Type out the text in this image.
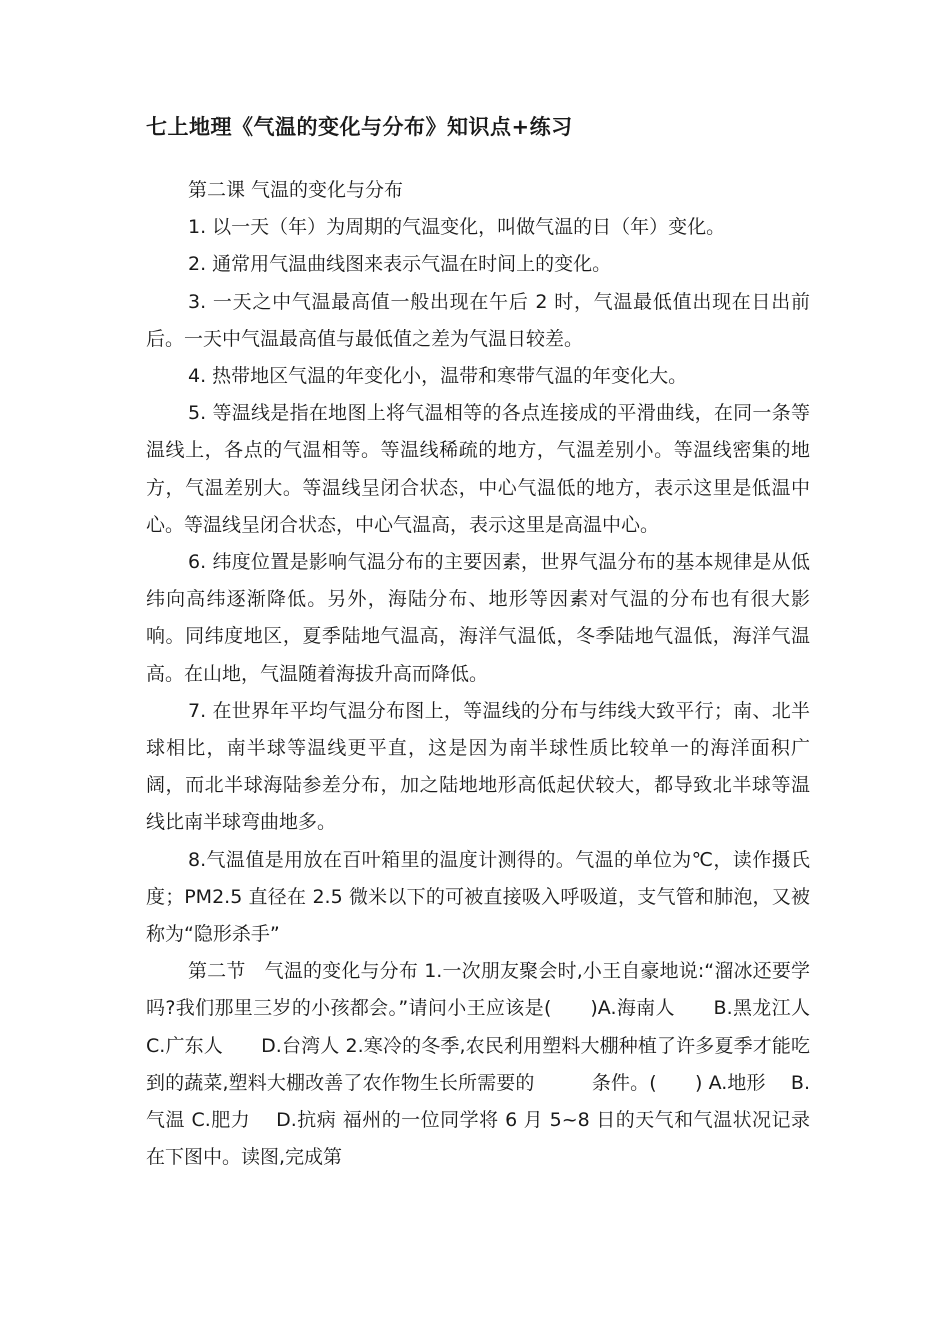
七上地理《气温的变化与分布》知识点+练习

第二课 气温的变化与分布

1. 以一天（年）为周期的气温变化，叫做气温的日（年）变化。

2. 通常用气温曲线图来表示气温在时间上的变化。

3. 一天之中气温最高值一般出现在午后 2 时，气温最低值出现在日出前后。一天中气温最高值与最低值之差为气温日较差。

4. 热带地区气温的年变化小，温带和寒带气温的年变化大。

5. 等温线是指在地图上将气温相等的各点连接成的平滑曲线，在同一条等温线上，各点的气温相等。等温线稀疏的地方，气温差别小。等温线密集的地方，气温差别大。等温线呈闭合状态，中心气温低的地方，表示这里是低温中心。等温线呈闭合状态，中心气温高，表示这里是高温中心。

6. 纬度位置是影响气温分布的主要因素，世界气温分布的基本规律是从低纬向高纬逐渐降低。另外，海陆分布、地形等因素对气温的分布也有很大影响。同纬度地区，夏季陆地气温高，海洋气温低，冬季陆地气温低，海洋气温高。在山地，气温随着海拔升高而降低。

7. 在世界年平均气温分布图上，等温线的分布与纬线大致平行；南、北半球相比，南半球等温线更平直，这是因为南半球性质比较单一的海洋面积广阔，而北半球海陆参差分布，加之陆地地形高低起伏较大，都导致北半球等温线比南半球弯曲地多。

8.气温值是用放在百叶箱里的温度计测得的。气温的单位为℃，读作摄氏度；PM2.5 直径在 2.5 微米以下的可被直接吸入呼吸道，支气管和肺泡，又被称为“隐形杀手”

第二节　气温的变化与分布 1.一次朋友聚会时,小王自豪地说:“溜冰还要学吗?我们那里三岁的小孩都会。”请问小王应该是(　　)A.海南人　　B.黑龙江人 C.广东人　　D.台湾人 2.寒冷的冬季,农民利用塑料大棚种植了许多夏季才能吃到的蔬菜,塑料大棚改善了农作物生长所需要的　　　条件。(　　) A.地形　 B.气温 C.肥力　 D.抗病 福州的一位同学将 6 月 5~8 日的天气和气温状况记录在下图中。读图,完成第
